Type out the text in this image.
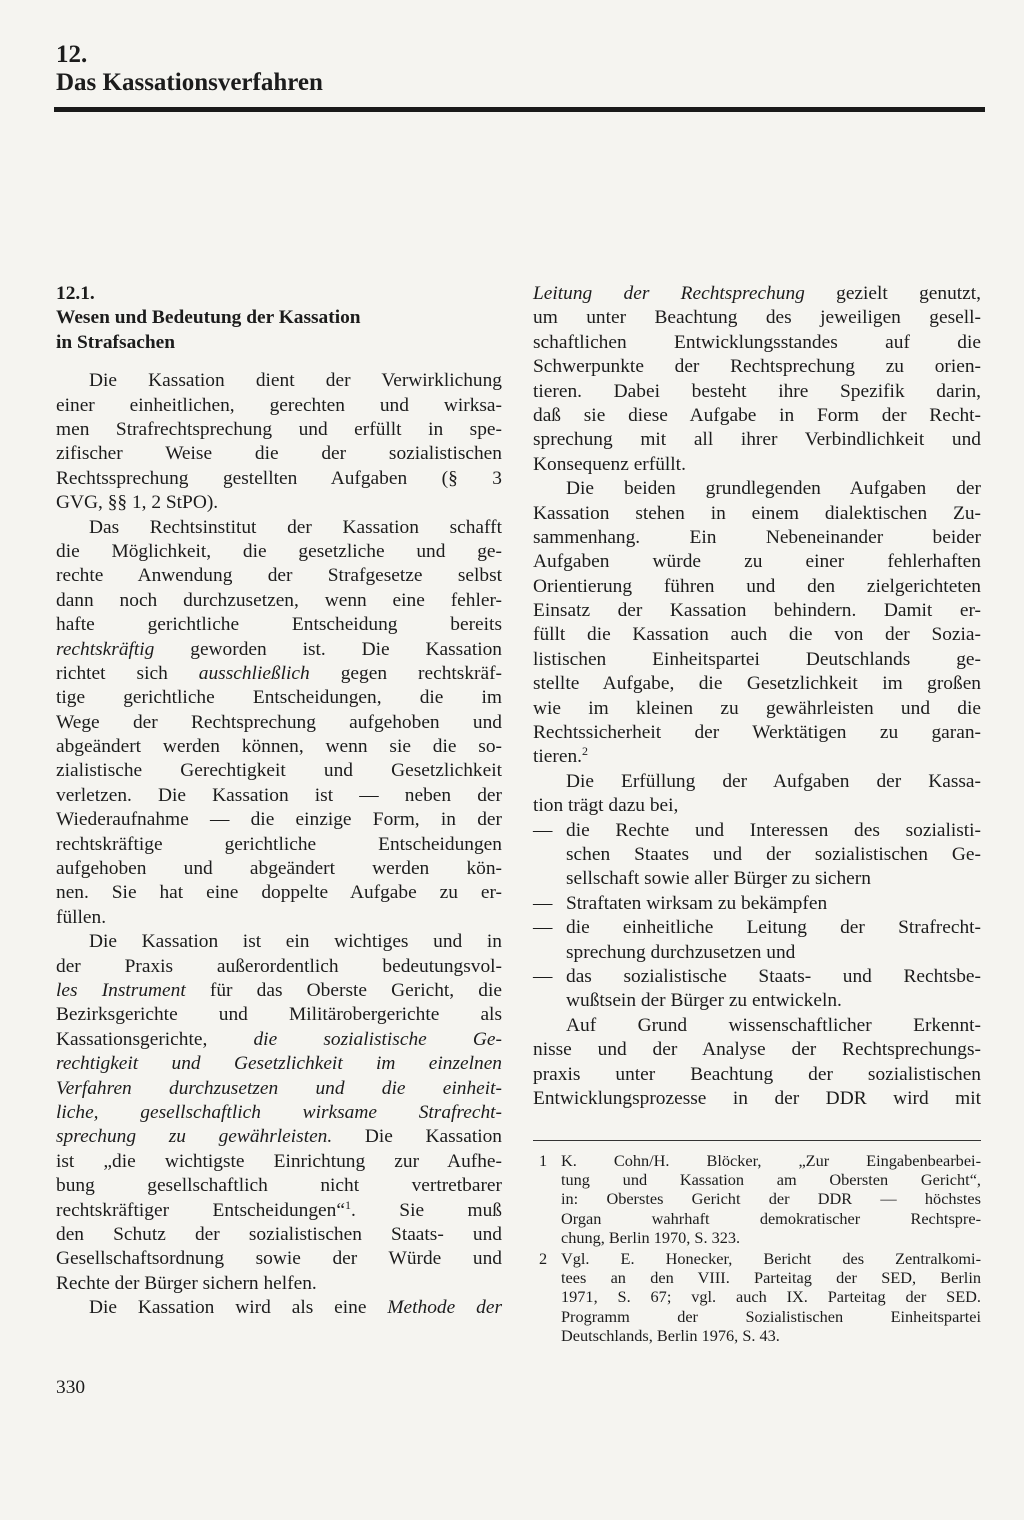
12.
Das Kassationsverfahren
12.1.
Wesen und Bedeutung der Kassation
in Strafsachen
Die Kassation dient der Verwirklichung
einer einheitlichen, gerechten und wirksa-
men Strafrechtsprechung und erfüllt in spe-
zifischer Weise die der sozialistischen
Rechtssprechung gestellten Aufgaben (§ 3
GVG, §§ 1, 2 StPO).
Das Rechtsinstitut der Kassation schafft
die Möglichkeit, die gesetzliche und ge-
rechte Anwendung der Strafgesetze selbst
dann noch durchzusetzen, wenn eine fehler-
hafte gerichtliche Entscheidung bereits
rechtskräftig geworden ist. Die Kassation
richtet sich ausschließlich gegen rechtskräf-
tige gerichtliche Entscheidungen, die im
Wege der Rechtsprechung aufgehoben und
abgeändert werden können, wenn sie die so-
zialistische Gerechtigkeit und Gesetzlichkeit
verletzen. Die Kassation ist — neben der
Wiederaufnahme — die einzige Form, in der
rechtskräftige gerichtliche Entscheidungen
aufgehoben und abgeändert werden kön-
nen. Sie hat eine doppelte Aufgabe zu er-
füllen.
Die Kassation ist ein wichtiges und in
der Praxis außerordentlich bedeutungsvol-
les Instrument für das Oberste Gericht, die
Bezirksgerichte und Militärobergerichte als
Kassationsgerichte, die sozialistische Ge-
rechtigkeit und Gesetzlichkeit im einzelnen
Verfahren durchzusetzen und die einheit-
liche, gesellschaftlich wirksame Strafrecht-
sprechung zu gewährleisten. Die Kassation
ist „die wichtigste Einrichtung zur Aufhe-
bung gesellschaftlich nicht vertretbarer
rechtskräftiger Entscheidungen“$^1$. Sie muß
den Schutz der sozialistischen Staats- und
Gesellschaftsordnung sowie der Würde und
Rechte der Bürger sichern helfen.
Die Kassation wird als eine Methode der
Leitung der Rechtsprechung gezielt genutzt,
um unter Beachtung des jeweiligen gesell-
schaftlichen Entwicklungsstandes auf die
Schwerpunkte der Rechtsprechung zu orien-
tieren. Dabei besteht ihre Spezifik darin,
daß sie diese Aufgabe in Form der Recht-
sprechung mit all ihrer Verbindlichkeit und
Konsequenz erfüllt.
Die beiden grundlegenden Aufgaben der
Kassation stehen in einem dialektischen Zu-
sammenhang. Ein Nebeneinander beider
Aufgaben würde zu einer fehlerhaften
Orientierung führen und den zielgerichteten
Einsatz der Kassation behindern. Damit er-
füllt die Kassation auch die von der Sozia-
listischen Einheitspartei Deutschlands ge-
stellte Aufgabe, die Gesetzlichkeit im großen
wie im kleinen zu gewährleisten und die
Rechtssicherheit der Werktätigen zu garan-
tieren.$^2$
Die Erfüllung der Aufgaben der Kassa-
tion trägt dazu bei,
— die Rechte und Interessen des sozialisti-
schen Staates und der sozialistischen Ge-
sellschaft sowie aller Bürger zu sichern
— Straftaten wirksam zu bekämpfen
— die einheitliche Leitung der Strafrecht-
sprechung durchzusetzen und
— das sozialistische Staats- und Rechtsbe-
wußtsein der Bürger zu entwickeln.
Auf Grund wissenschaftlicher Erkennt-
nisse und der Analyse der Rechtsprechungs-
praxis unter Beachtung der sozialistischen
Entwicklungsprozesse in der DDR wird mit
1 K. Cohn/H. Blöcker, „Zur Eingabenbearbei-
tung und Kassation am Obersten Gericht“,
in: Oberstes Gericht der DDR — höchstes
Organ wahrhaft demokratischer Rechtspre-
chung, Berlin 1970, S. 323.
2 Vgl. E. Honecker, Bericht des Zentralkomi-
tees an den VIII. Parteitag der SED, Berlin
1971, S. 67; vgl. auch IX. Parteitag der SED.
Programm der Sozialistischen Einheitspartei
Deutschlands, Berlin 1976, S. 43.
330
